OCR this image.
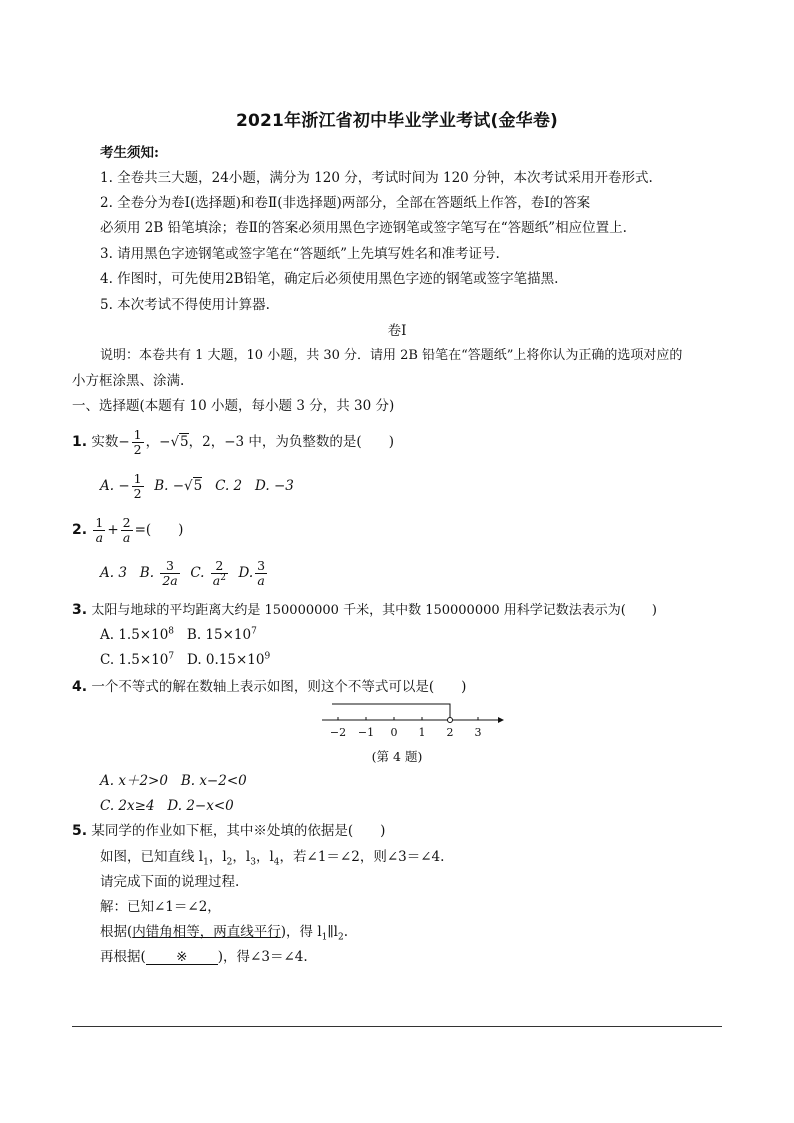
2021年浙江省初中毕业学业考试(金华卷)
考生须知:
1. 全卷共三大题，24小题，满分为 120 分，考试时间为 120 分钟，本次考试采用开卷形式.
2. 全卷分为卷Ⅰ(选择题)和卷Ⅱ(非选择题)两部分，全部在答题纸上作答，卷Ⅰ的答案
必须用 2B 铅笔填涂；卷Ⅱ的答案必须用黑色字迹钢笔或签字笔写在“答题纸”相应位置上.
3. 请用黑色字迹钢笔或签字笔在“答题纸”上先填写姓名和准考证号.
4. 作图时，可先使用2B铅笔，确定后必须使用黑色字迹的钢笔或签字笔描黑.
5. 本次考试不得使用计算器.
卷Ⅰ
说明：本卷共有 1 大题，10 小题，共 30 分．请用 2B 铅笔在“答题纸”上将你认为正确的选项对应的
小方框涂黑、涂满.
一、选择题(本题有 10 小题，每小题 3 分，共 30 分)
1. 实数− $\frac{1}{2}$ ，−√5，2，−3 中，为负整数的是(　　)
A. − $\frac{1}{2} B$. −√5 C. 2 D. −3
2. $\frac{1}{a} + \frac{2}{a}$ =(　　)
A. 3 B. $\frac{3}{2a} C$. $\frac{2}{a^2} D$. $\frac{3}{a}$
3. 太阳与地球的平均距离大约是 150000000 千米，其中数 150000000 用科学记数法表示为(　　)
A. $1.5\times 10^8$ B. $15\times 10^7$
C. $1.5\times 10^7$ D. $0.15\times 10^9$
4. 一个不等式的解在数轴上表示如图，则这个不等式可以是(　　)
−2 −1 0 1 2 3
(第 4 题)
A. x＋2>0 B. x−2<0
C. 2x≥4 D. 2−x<0
5. 某同学的作业如下框，其中※处填的依据是(　　)
如图，已知直线 $l_1$，$l_2$，$l_3$，$l_4$，若∠1＝∠2，则∠3＝∠4.
请完成下面的说理过程.
解：已知∠1＝∠2，
根据(内错角相等，两直线平行)，得 $l_1\parallel l_2$.
再根据( ※ )，得∠3＝∠4.
